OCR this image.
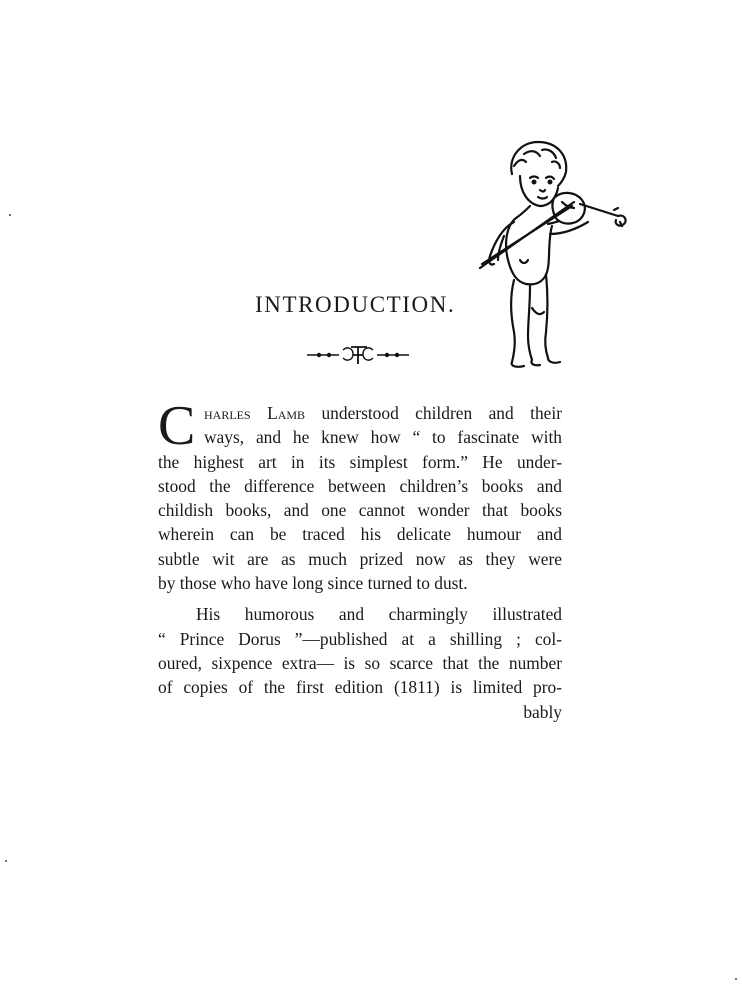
INTRODUCTION.
C harles Lamb understood children and their
ways, and he knew how “ to fascinate with
the highest art in its simplest form.” He under-
stood the difference between children’s books and
childish books, and one cannot wonder that books
wherein can be traced his delicate humour and
subtle wit are as much prized now as they were
by those who have long since turned to dust.
His humorous and charmingly illustrated
“ Prince Dorus ”—published at a shilling ; col-
oured, sixpence extra— is so scarce that the number
of copies of the first edition (1811) is limited pro-
bably
